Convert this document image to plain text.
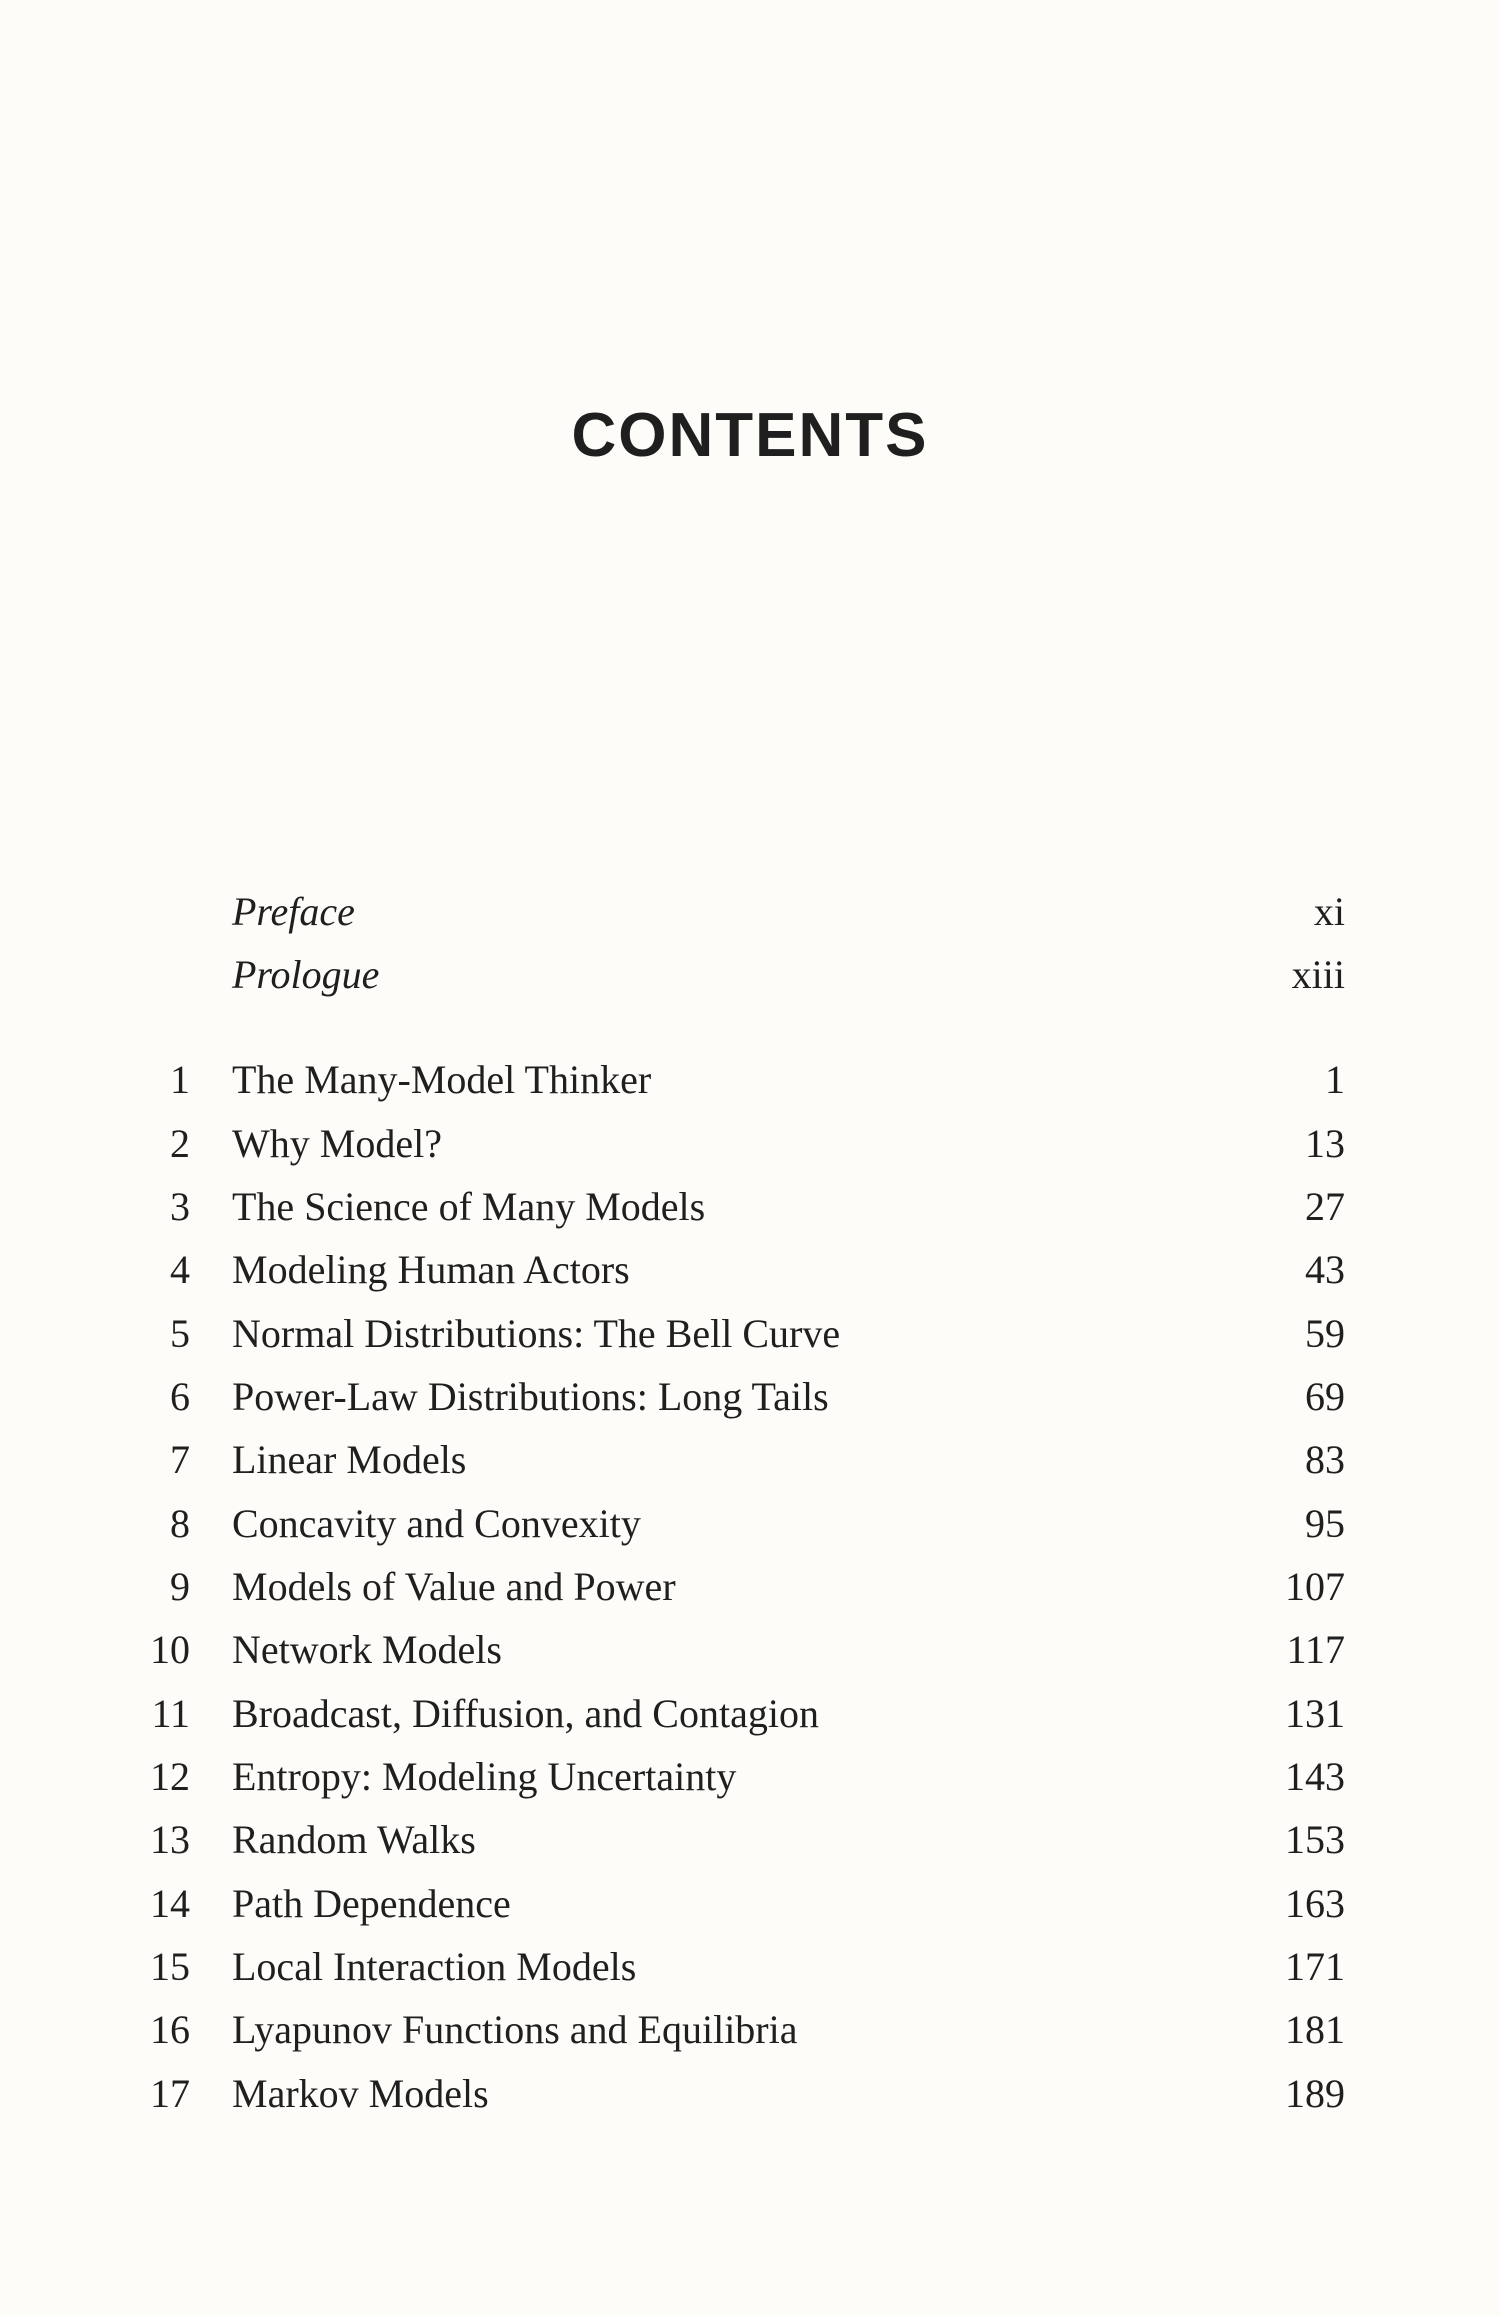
CONTENTS
Preface	xi
Prologue	xiii
1 The Many-Model Thinker	1
2 Why Model?	13
3 The Science of Many Models	27
4 Modeling Human Actors	43
5 Normal Distributions: The Bell Curve	59
6 Power-Law Distributions: Long Tails	69
7 Linear Models	83
8 Concavity and Convexity	95
9 Models of Value and Power	107
10 Network Models	117
11 Broadcast, Diffusion, and Contagion	131
12 Entropy: Modeling Uncertainty	143
13 Random Walks	153
14 Path Dependence	163
15 Local Interaction Models	171
16 Lyapunov Functions and Equilibria	181
17 Markov Models	189
